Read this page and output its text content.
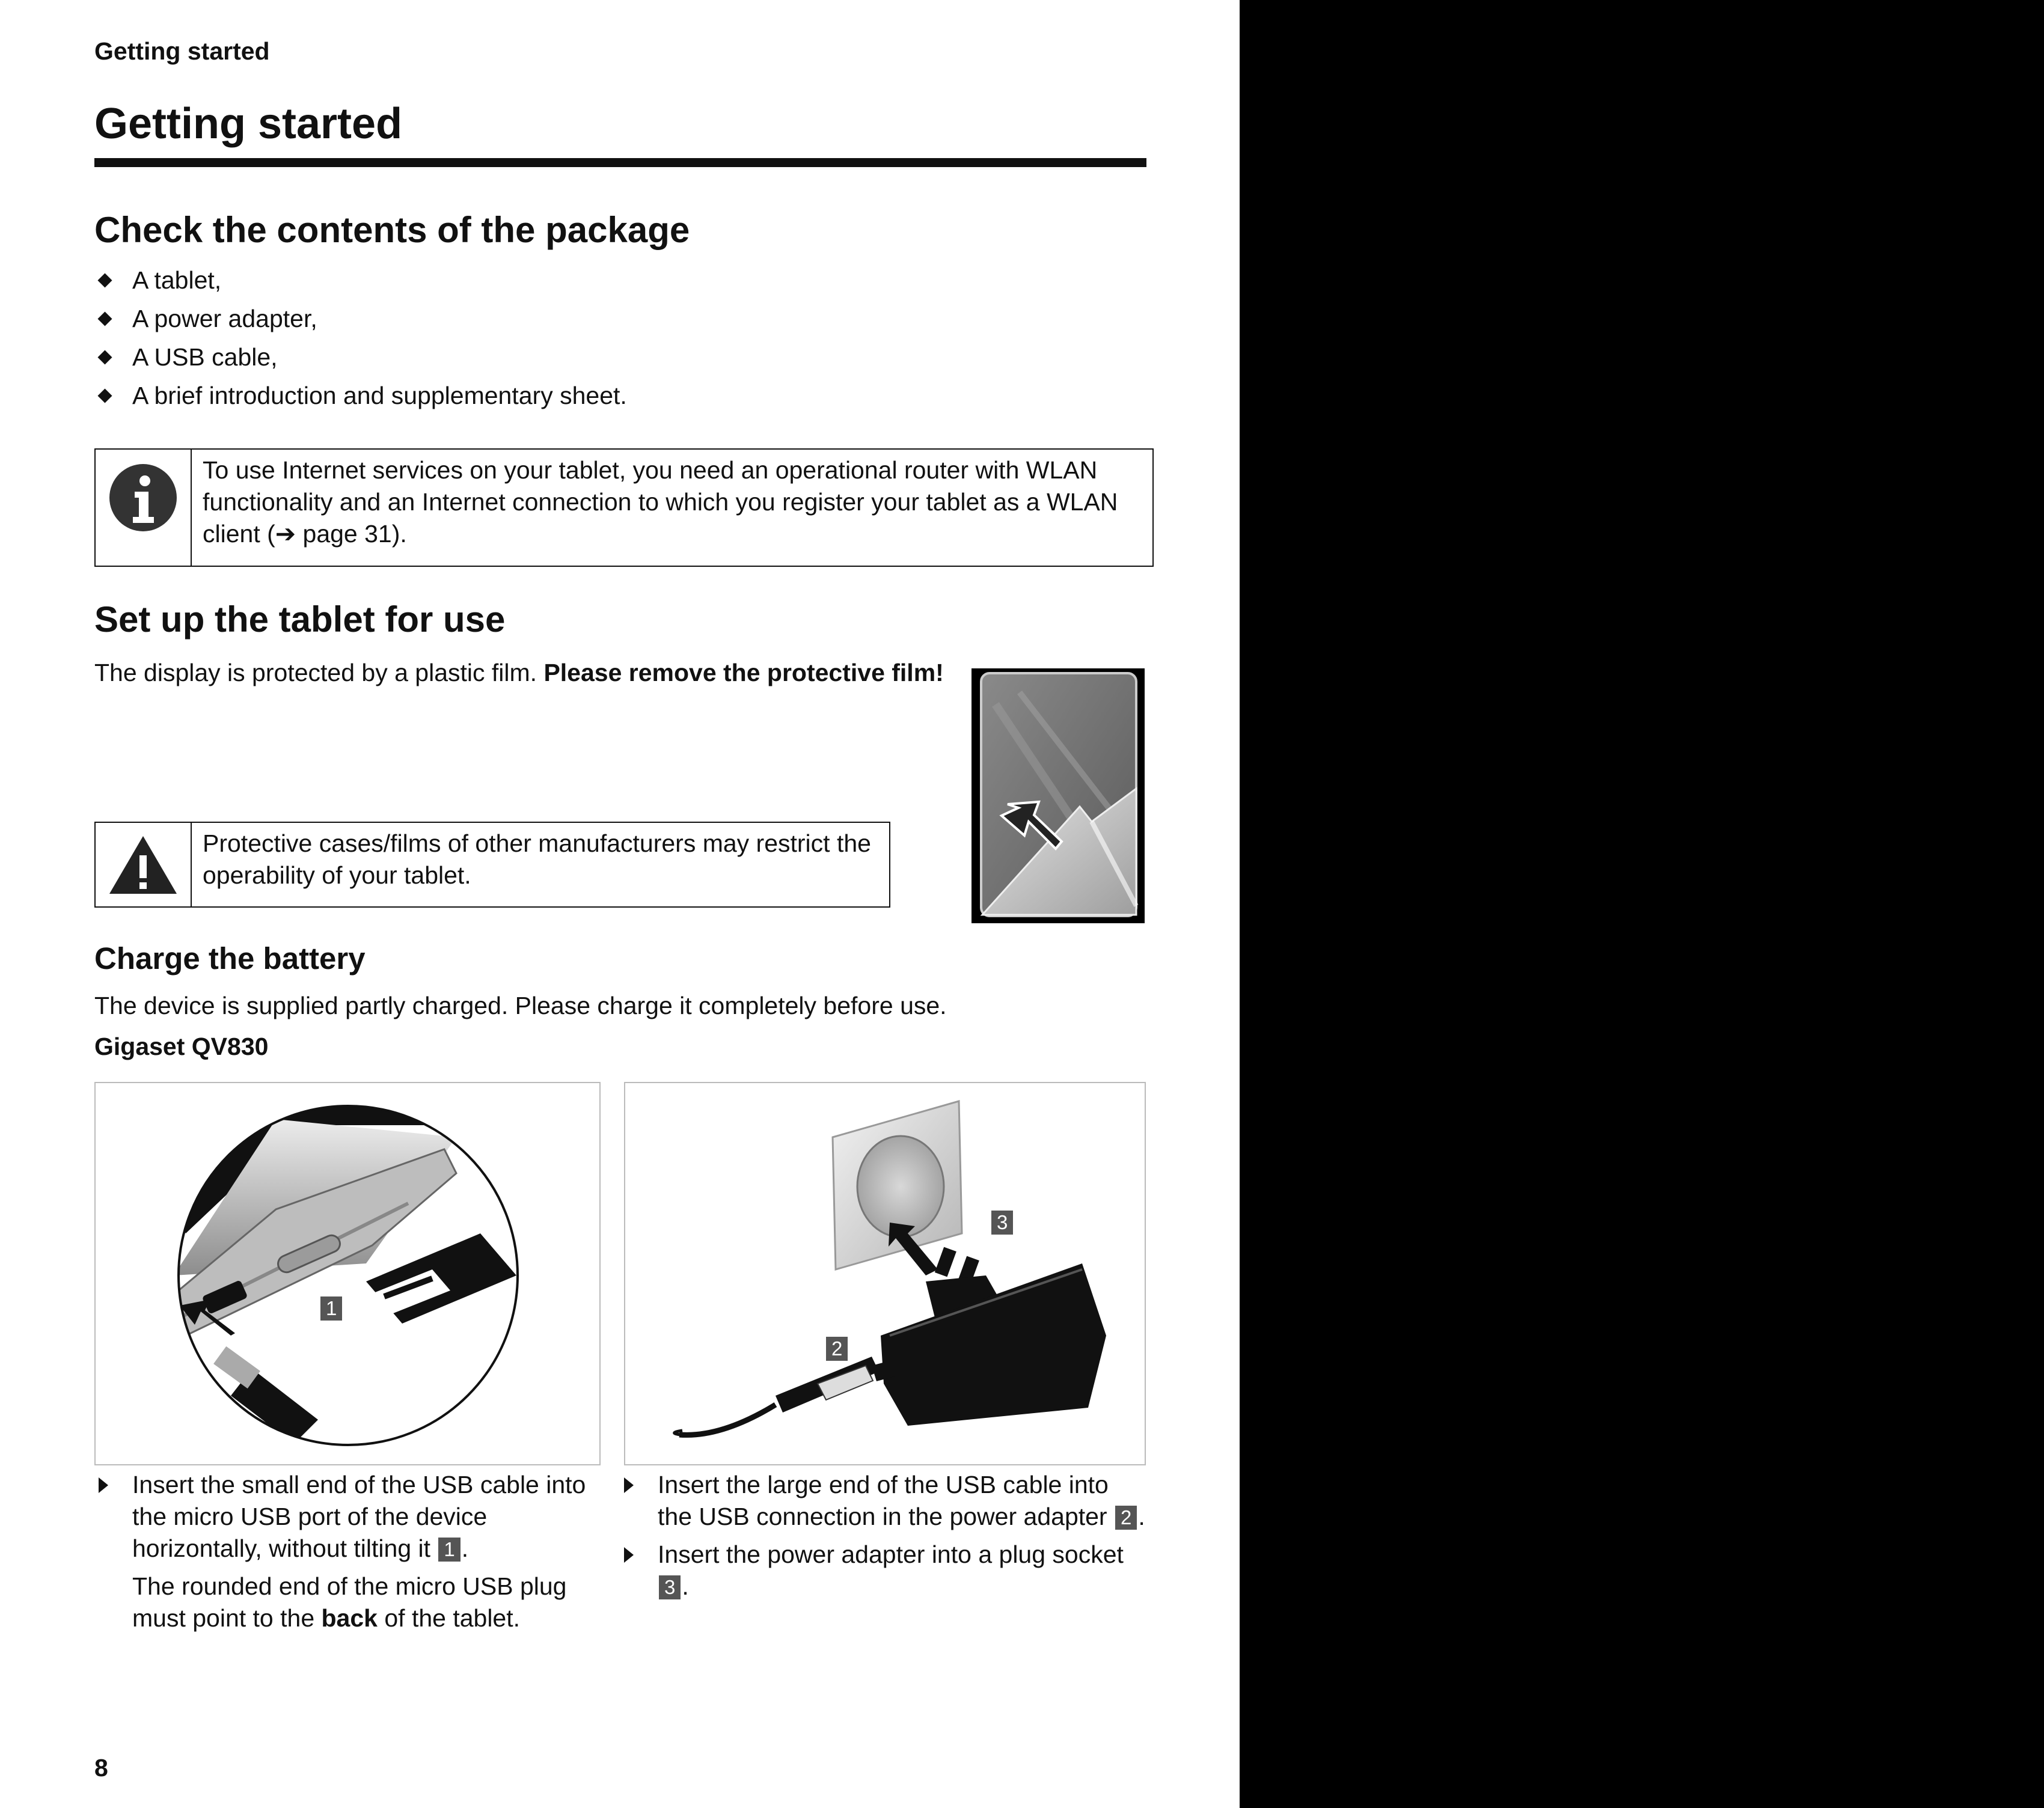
Getting started
Getting started
Check the contents of the package
A tablet,
A power adapter,
A USB cable,
A brief introduction and supplementary sheet.
To use Internet services on your tablet, you need an operational router with WLAN functionality and an Internet connection to which you register your tablet as a WLAN client (➔ page 31).
Set up the tablet for use
The display is protected by a plastic film. Please remove the protective film!
Protective cases/films of other manufacturers may restrict the operability of your tablet.
Charge the battery
The device is supplied partly charged. Please charge it completely before use.
Gigaset QV830
1
3
2
Insert the small end of the USB cable into the micro USB port of the device horizontally, without tilting it 1 .
The rounded end of the micro USB plug must point to the back of the tablet.
Insert the large end of the USB cable into the USB connection in the power adapter 2 .
Insert the power adapter into a plug socket 3 .
8
